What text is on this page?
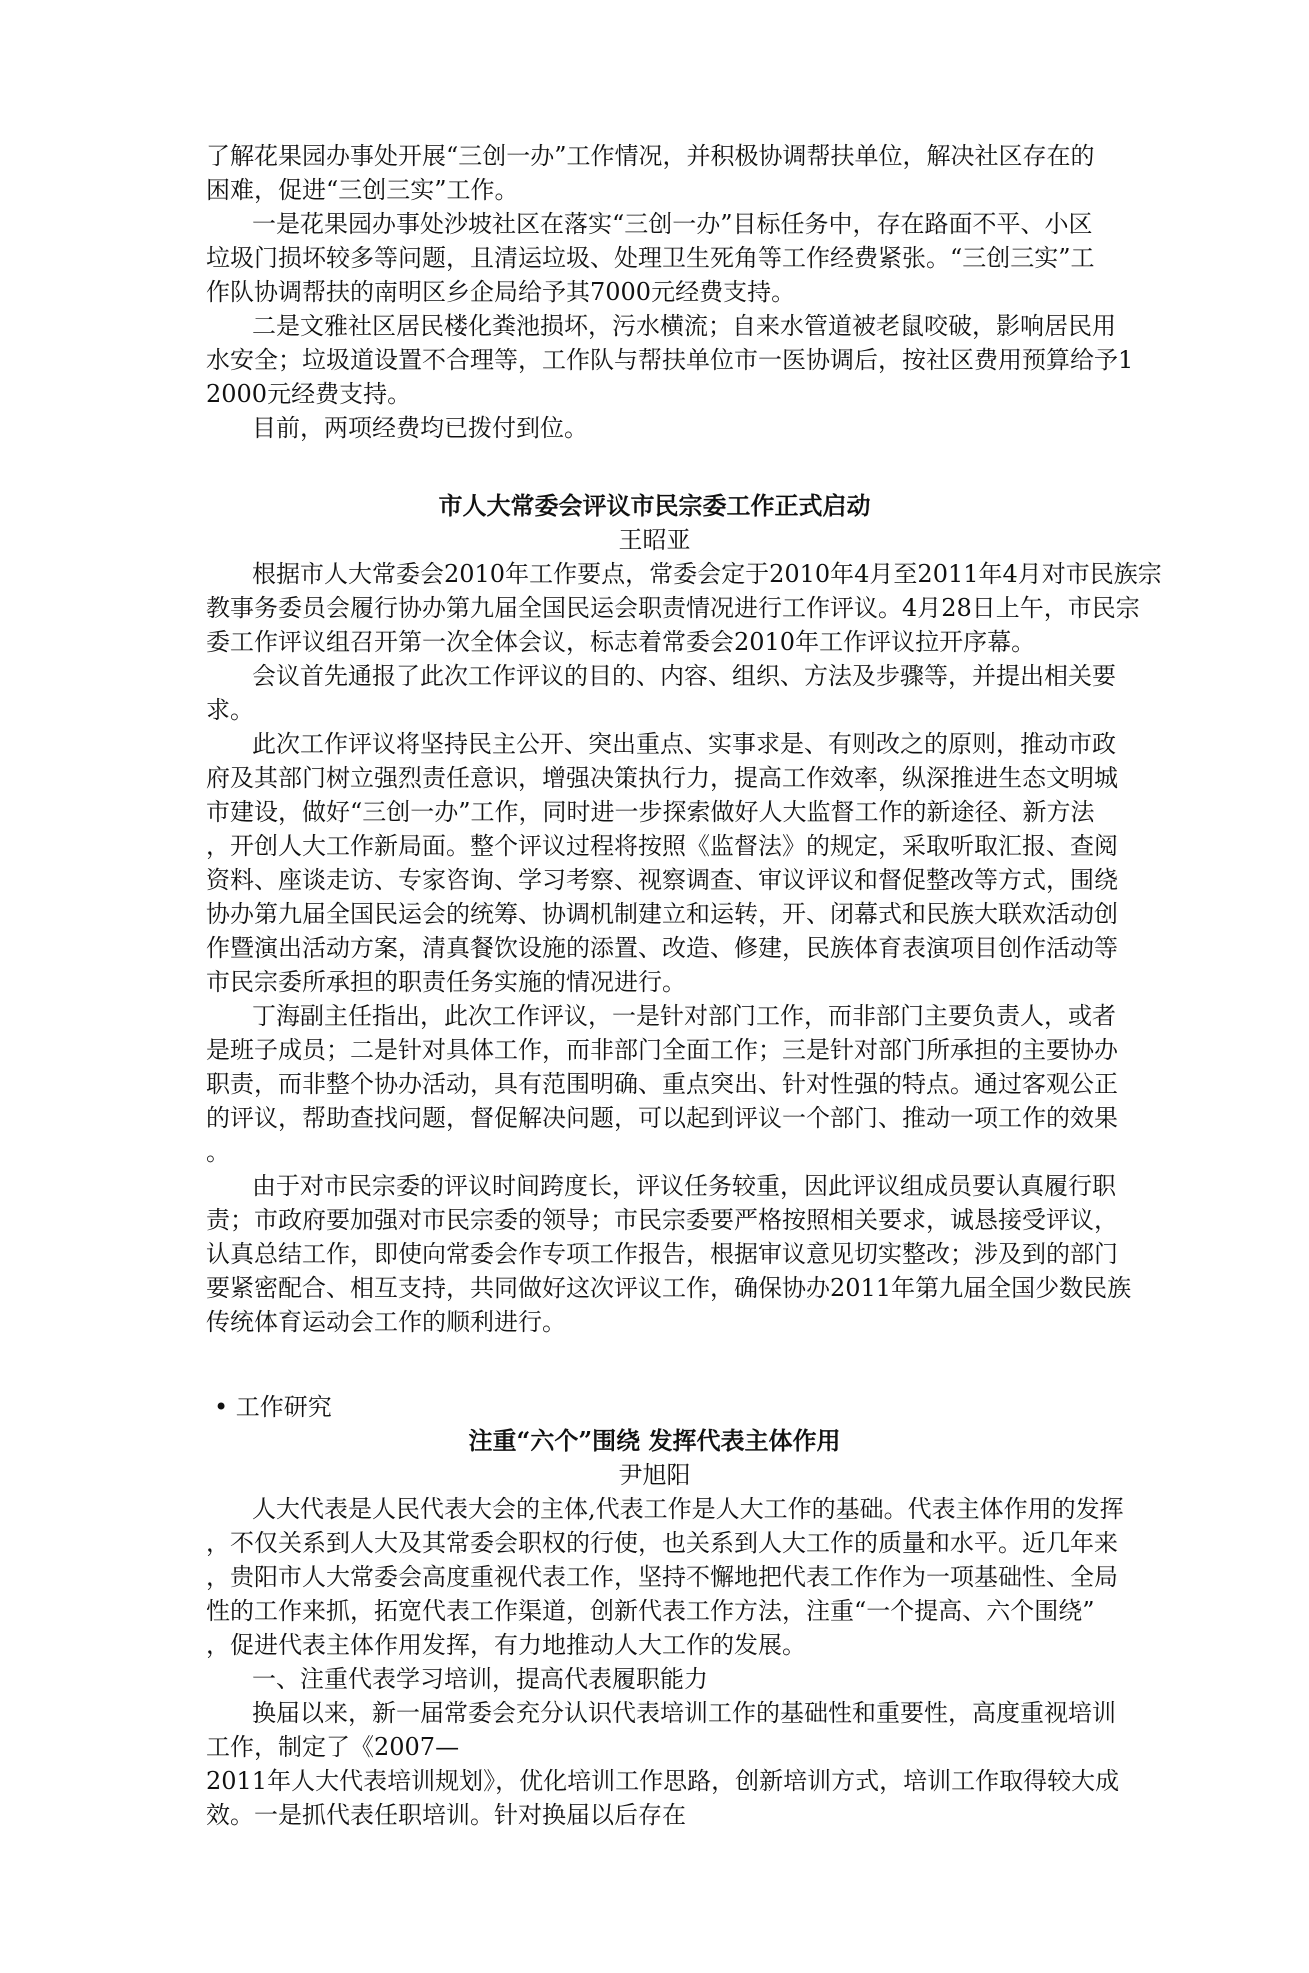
了解花果园办事处开展“三创一办”工作情况，并积极协调帮扶单位，解决社区存在的
困难，促进“三创三实”工作。
一是花果园办事处沙坡社区在落实“三创一办”目标任务中，存在路面不平、小区
垃圾门损坏较多等问题，且清运垃圾、处理卫生死角等工作经费紧张。“三创三实”工
作队协调帮扶的南明区乡企局给予其7000元经费支持。
二是文雅社区居民楼化粪池损坏，污水横流；自来水管道被老鼠咬破，影响居民用
水安全；垃圾道设置不合理等，工作队与帮扶单位市一医协调后，按社区费用预算给予1
2000元经费支持。
目前，两项经费均已拨付到位。
市人大常委会评议市民宗委工作正式启动
王昭亚
根据市人大常委会2010年工作要点，常委会定于2010年4月至2011年4月对市民族宗
教事务委员会履行协办第九届全国民运会职责情况进行工作评议。4月28日上午，市民宗
委工作评议组召开第一次全体会议，标志着常委会2010年工作评议拉开序幕。
会议首先通报了此次工作评议的目的、内容、组织、方法及步骤等，并提出相关要
求。
此次工作评议将坚持民主公开、突出重点、实事求是、有则改之的原则，推动市政
府及其部门树立强烈责任意识，增强决策执行力，提高工作效率，纵深推进生态文明城
市建设，做好“三创一办”工作，同时进一步探索做好人大监督工作的新途径、新方法
，开创人大工作新局面。整个评议过程将按照《监督法》的规定，采取听取汇报、查阅
资料、座谈走访、专家咨询、学习考察、视察调查、审议评议和督促整改等方式，围绕
协办第九届全国民运会的统筹、协调机制建立和运转，开、闭幕式和民族大联欢活动创
作暨演出活动方案，清真餐饮设施的添置、改造、修建，民族体育表演项目创作活动等
市民宗委所承担的职责任务实施的情况进行。
丁海副主任指出，此次工作评议，一是针对部门工作，而非部门主要负责人，或者
是班子成员；二是针对具体工作，而非部门全面工作；三是针对部门所承担的主要协办
职责，而非整个协办活动，具有范围明确、重点突出、针对性强的特点。通过客观公正
的评议，帮助查找问题，督促解决问题，可以起到评议一个部门、推动一项工作的效果
。
由于对市民宗委的评议时间跨度长，评议任务较重，因此评议组成员要认真履行职
责；市政府要加强对市民宗委的领导；市民宗委要严格按照相关要求，诚恳接受评议，
认真总结工作，即使向常委会作专项工作报告，根据审议意见切实整改；涉及到的部门
要紧密配合、相互支持，共同做好这次评议工作，确保协办2011年第九届全国少数民族
传统体育运动会工作的顺利进行。
• 工作研究
注重“六个”围绕 发挥代表主体作用
尹旭阳
人大代表是人民代表大会的主体,代表工作是人大工作的基础。代表主体作用的发挥
，不仅关系到人大及其常委会职权的行使，也关系到人大工作的质量和水平。近几年来
，贵阳市人大常委会高度重视代表工作，坚持不懈地把代表工作作为一项基础性、全局
性的工作来抓，拓宽代表工作渠道，创新代表工作方法，注重“一个提高、六个围绕”
，促进代表主体作用发挥，有力地推动人大工作的发展。
一、注重代表学习培训，提高代表履职能力
换届以来，新一届常委会充分认识代表培训工作的基础性和重要性，高度重视培训
工作，制定了《2007—
2011年人大代表培训规划》，优化培训工作思路，创新培训方式，培训工作取得较大成
效。一是抓代表任职培训。针对换届以后存在
